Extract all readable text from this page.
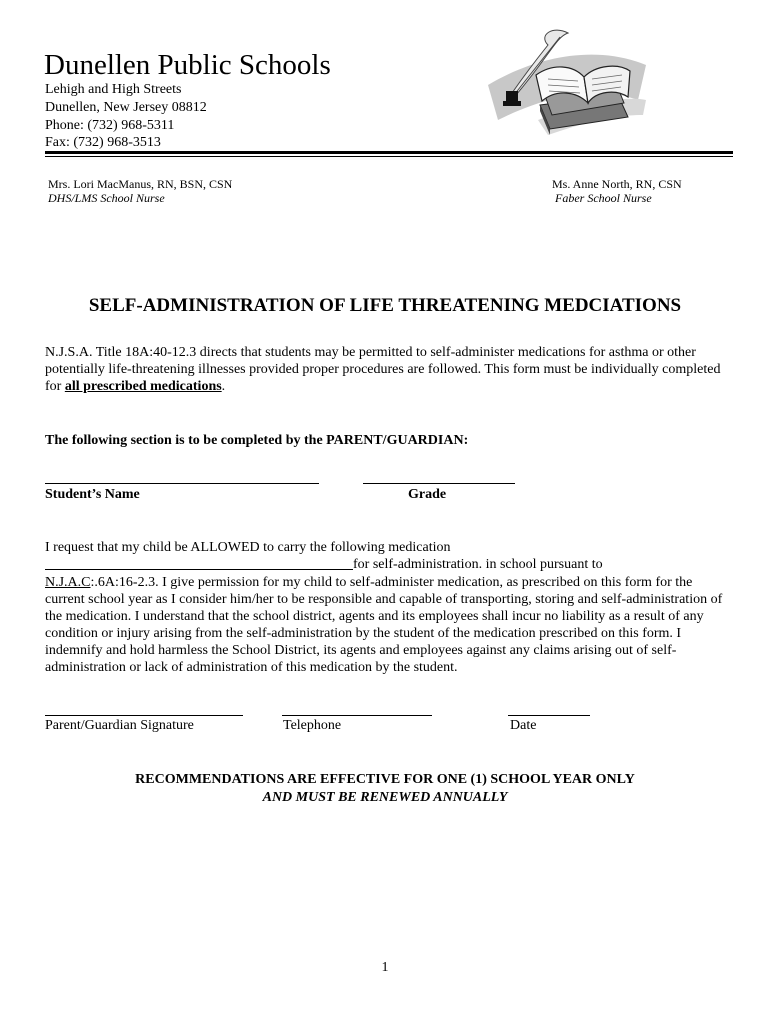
Dunellen Public Schools
Lehigh and High Streets
Dunellen, New Jersey 08812
Phone: (732) 968-5311
Fax: (732) 968-3513
Mrs. Lori MacManus, RN, BSN, CSN
DHS/LMS School Nurse
Ms. Anne North, RN, CSN
Faber School Nurse
SELF-ADMINISTRATION OF LIFE THREATENING MEDCIATIONS
N.J.S.A. Title 18A:40-12.3 directs that students may be permitted to self-administer medications for asthma or other potentially life-threatening illnesses provided proper procedures are followed. This form must be individually completed for all prescribed medications.
The following section is to be completed by the PARENT/GUARDIAN:
Student’s Name	Grade
I request that my child be ALLOWED to carry the following medication
for self-administration. in school pursuant to
N.J.A.C:.6A:16-2.3. I give permission for my child to self-administer medication, as prescribed on this form for the current school year as I consider him/her to be responsible and capable of transporting, storing and self-administration of the medication. I understand that the school district, agents and its employees shall incur no liability as a result of any condition or injury arising from the self-administration by the student of the medication prescribed on this form. I indemnify and hold harmless the School District, its agents and employees against any claims arising out of self-administration or lack of administration of this medication by the student.
Parent/Guardian Signature	Telephone	Date
RECOMMENDATIONS ARE EFFECTIVE FOR ONE (1) SCHOOL YEAR ONLY
AND MUST BE RENEWED ANNUALLY
1
